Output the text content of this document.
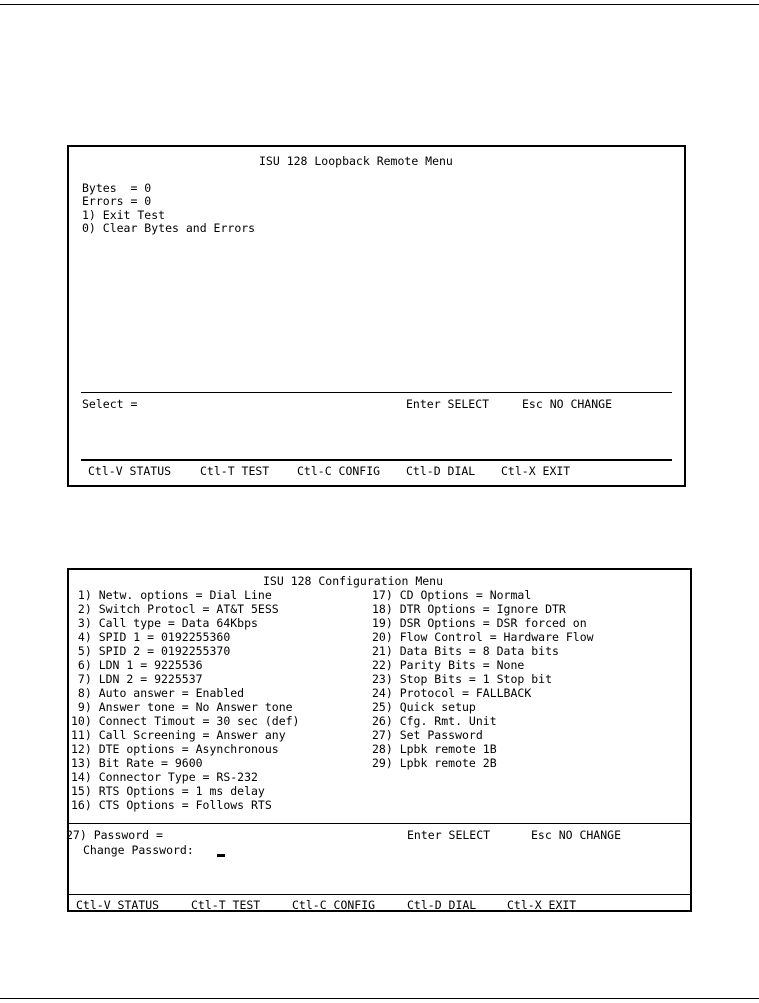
ISU 128 Loopback Remote Menu
Bytes  = 0
Errors = 0
1) Exit Test
0) Clear Bytes and Errors
Select =	Enter SELECT	Esc NO CHANGE
Ctl-V STATUS	Ctl-T TEST Ctl-C CONFIG Ctl-D DIAL Ctl-X EXIT
ISU 128 Configuration Menu
1) Netw. options = Dial Line
2) Switch Protocl = AT&T 5ESS
3) Call type = Data 64Kbps
4) SPID 1 = 0192255360
5) SPID 2 = 0192255370
6) LDN 1 = 9225536
7) LDN 2 = 9225537
8) Auto answer = Enabled
9) Answer tone = No Answer tone
10) Connect Timout = 30 sec (def)
11) Call Screening = Answer any
12) DTE options = Asynchronous
13) Bit Rate = 9600
14) Connector Type = RS-232
15) RTS Options = 1 ms delay
16) CTS Options = Follows RTS
17) CD Options = Normal
18) DTR Options = Ignore DTR
19) DSR Options = DSR forced on
20) Flow Control = Hardware Flow
21) Data Bits = 8 Data bits
22) Parity Bits = None
23) Stop Bits = 1 Stop bit
24) Protocol = FALLBACK
25) Quick setup
26) Cfg. Rmt. Unit
27) Set Password
28) Lpbk remote 1B
29) Lpbk remote 2B
27) Password =	Enter SELECT	Esc NO CHANGE
Change Password:
Ctl-V STATUS	Ctl-T TEST	Ctl-C CONFIG	Ctl-D DIAL	Ctl-X EXIT
